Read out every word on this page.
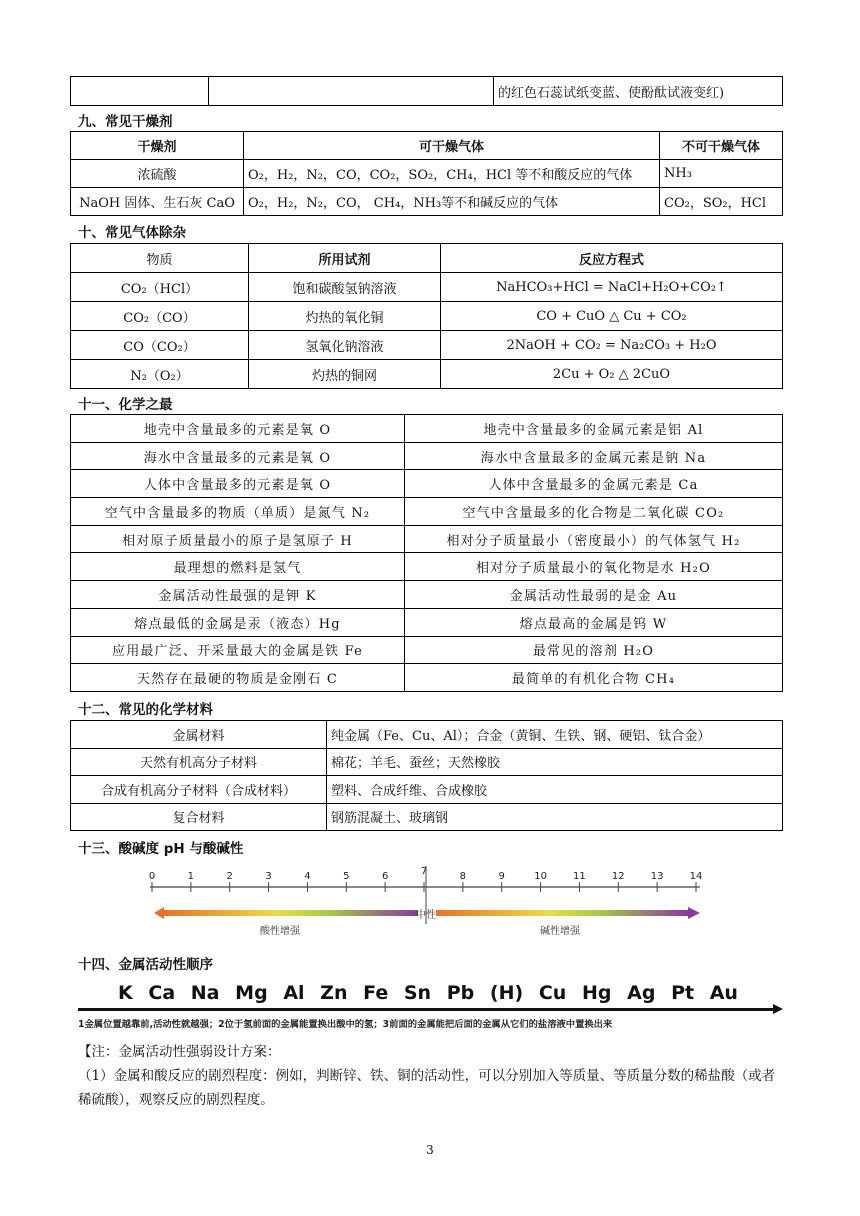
		的红色石蕊试纸变蓝、使酚酞试液变红)
九、常见干燥剂
干燥剂	可干燥气体	不可干燥气体
浓硫酸	O₂，H₂，N₂，CO，CO₂，SO₂，CH₄，HCl 等不和酸反应的气体	NH₃
NaOH 固体、生石灰 CaO	O₂，H₂，N₂，CO， CH₄，NH₃等不和碱反应的气体	CO₂，SO₂，HCl
十、常见气体除杂
物质	所用试剂	反应方程式
CO₂（HCl）	饱和碳酸氢钠溶液	NaHCO₃+HCl = NaCl+H₂O+CO₂↑
CO₂（CO）	灼热的氧化铜	CO + CuO △ Cu + CO₂
CO（CO₂）	氢氧化钠溶液	2NaOH + CO₂ = Na₂CO₃ + H₂O
N₂（O₂）	灼热的铜网	2Cu + O₂ △ 2CuO
十一、化学之最
地壳中含量最多的元素是氧 O	地壳中含量最多的金属元素是铝 Al
海水中含量最多的元素是氧 O	海水中含量最多的金属元素是钠 Na
人体中含量最多的元素是氧 O	人体中含量最多的金属元素是 Ca
空气中含量最多的物质（单质）是氮气 N₂	空气中含量最多的化合物是二氧化碳 CO₂
相对原子质量最小的原子是氢原子 H	相对分子质量最小（密度最小）的气体氢气 H₂
最理想的燃料是氢气	相对分子质量最小的氧化物是水 H₂O
金属活动性最强的是钾 K	金属活动性最弱的是金 Au
熔点最低的金属是汞（液态）Hg	熔点最高的金属是钨 W
应用最广泛、开采量最大的金属是铁 Fe	最常见的溶剂 H₂O
天然存在最硬的物质是金刚石 C	最简单的有机化合物 CH₄
十二、常见的化学材料
金属材料	纯金属（Fe、Cu、Al）；合金（黄铜、生铁、钢、硬铝、钛合金）
天然有机高分子材料	棉花；羊毛、蚕丝；天然橡胶
合成有机高分子材料（合成材料）	塑料、合成纤维、合成橡胶
复合材料	钢筋混凝土、玻璃钢
十三、酸碱度 pH 与酸碱性
0	1	2	3	4	5	6	7	8	9	10	11	12	13	14
中性
酸性增强	碱性增强
十四、金属活动性顺序
K Ca Na Mg Al Zn Fe Sn Pb (H) Cu Hg Ag Pt Au
1金属位置越靠前,活动性就越强；2位于氢前面的金属能置换出酸中的氢；3前面的金属能把后面的金属从它们的盐溶液中置换出来
【注：金属活动性强弱设计方案：
（1）金属和酸反应的剧烈程度：例如，判断锌、铁、铜的活动性，可以分别加入等质量、等质量分数的稀盐酸（或者稀硫酸），观察反应的剧烈程度。
3
